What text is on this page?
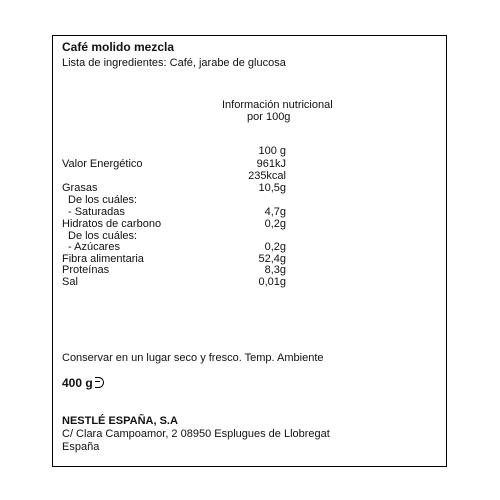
Café molido mezcla
Lista de ingredientes: Café, jarabe de glucosa
Información nutricional
por 100g
100 g
Valor Energético	961kJ
235kcal
Grasas	10,5g
De los cuáles:
- Saturadas	4,7g
Hidratos de carbono	0,2g
De los cuáles:
- Azúcares	0,2g
Fibra alimentaria	52,4g
Proteínas	8,3g
Sal	0,01g
Conservar en un lugar seco y fresco. Temp. Ambiente
400 g
NESTLÉ ESPAÑA, S.A
C/ Clara Campoamor, 2 08950 Esplugues de Llobregat
España
